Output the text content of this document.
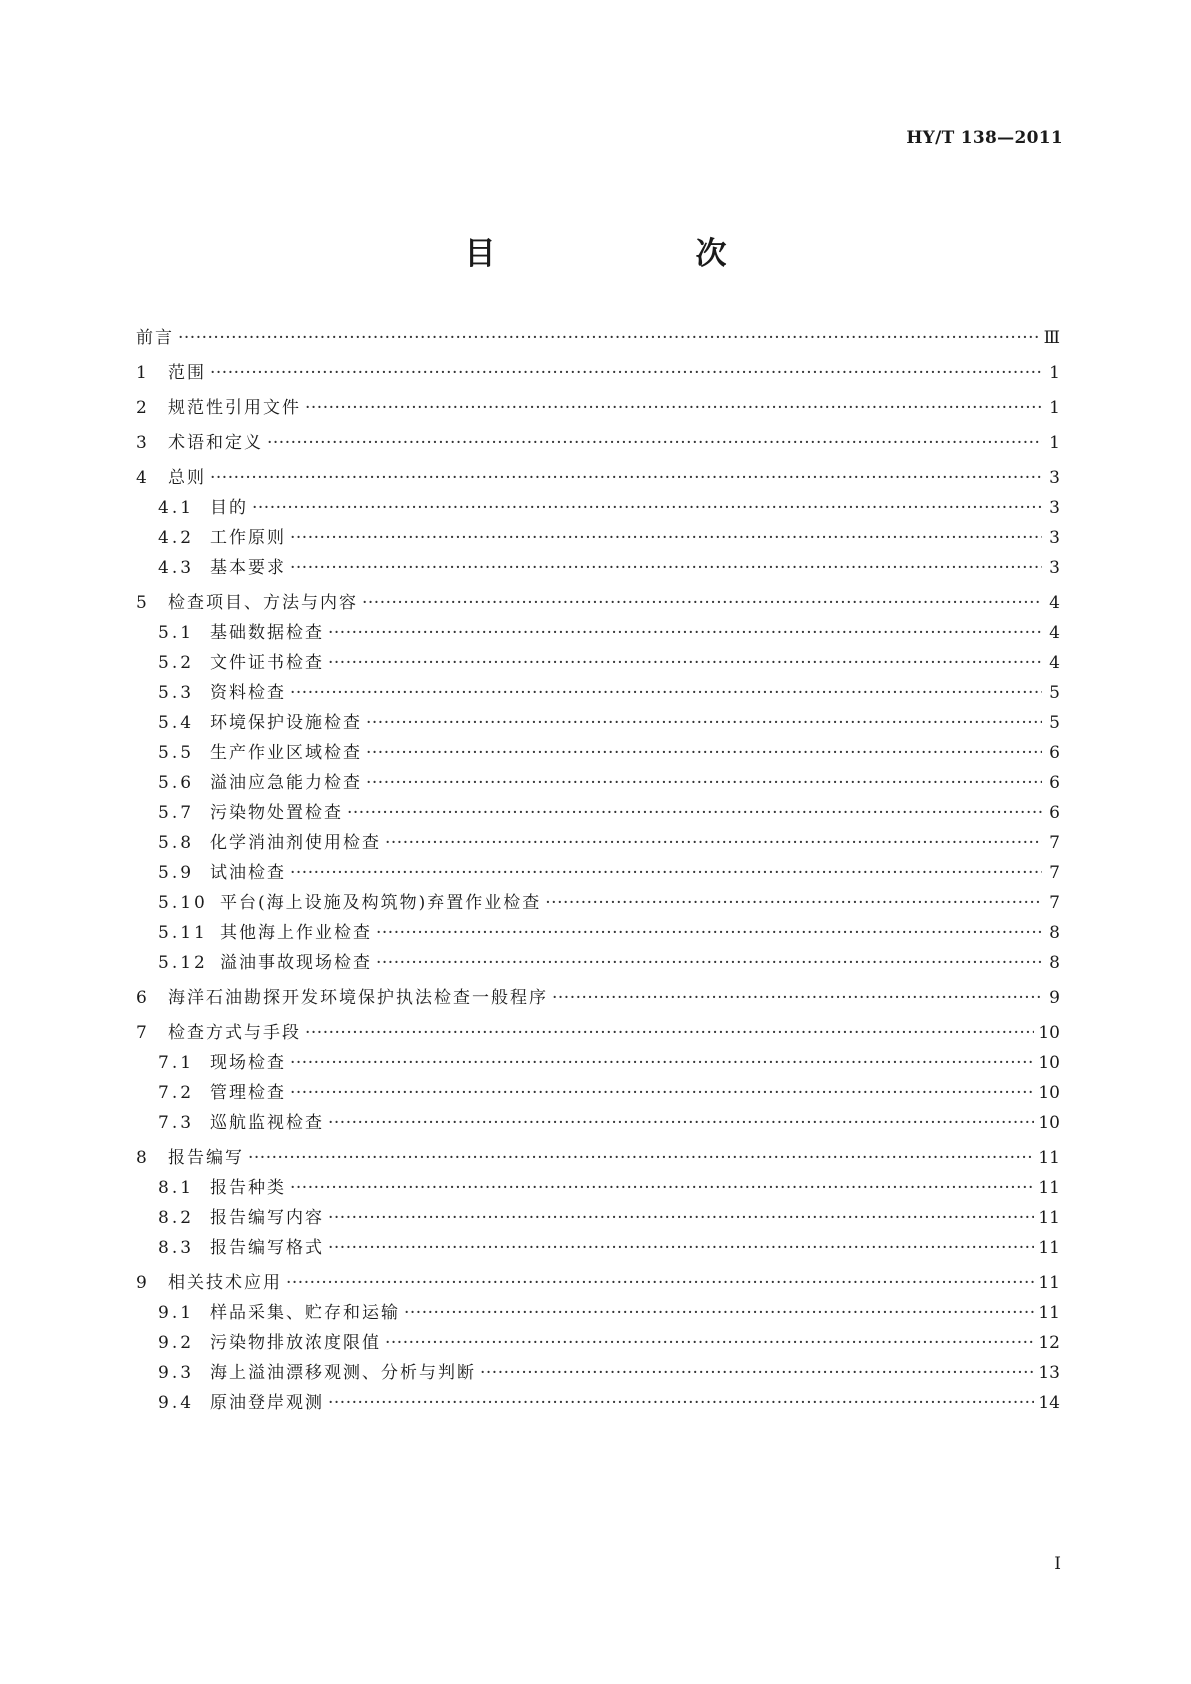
HY/T 138—2011
目　　次
前言 ·····	Ⅲ
1	范围 ·····	1
2	规范性引用文件 ·····	1
3	术语和定义 ·····	1
4	总则 ·····	3
4.1 目的 ·····	3
4.2 工作原则 ·····	3
4.3 基本要求 ·····	3
5	检查项目、方法与内容 ·····	4
5.1 基础数据检查 ·····	4
5.2 文件证书检查 ·····	4
5.3 资料检查 ·····	5
5.4 环境保护设施检查 ·····	5
5.5 生产作业区域检查 ·····	6
5.6 溢油应急能力检查 ·····	6
5.7 污染物处置检查 ·····	6
5.8 化学消油剂使用检查 ·····	7
5.9 试油检查 ·····	7
5.10 平台(海上设施及构筑物)弃置作业检查 ·····	7
5.11 其他海上作业检查 ·····	8
5.12 溢油事故现场检查 ·····	8
6	海洋石油勘探开发环境保护执法检查一般程序 ·····	9
7	检查方式与手段 ·····	10
7.1 现场检查 ·····	10
7.2 管理检查 ·····	10
7.3 巡航监视检查 ·····	10
8	报告编写 ·····	11
8.1 报告种类 ·····	11
8.2 报告编写内容 ·····	11
8.3 报告编写格式 ·····	11
9	相关技术应用 ·····	11
9.1 样品采集、贮存和运输 ·····	11
9.2 污染物排放浓度限值 ·····	12
9.3 海上溢油漂移观测、分析与判断 ·····	13
9.4 原油登岸观测 ·····	14
I
